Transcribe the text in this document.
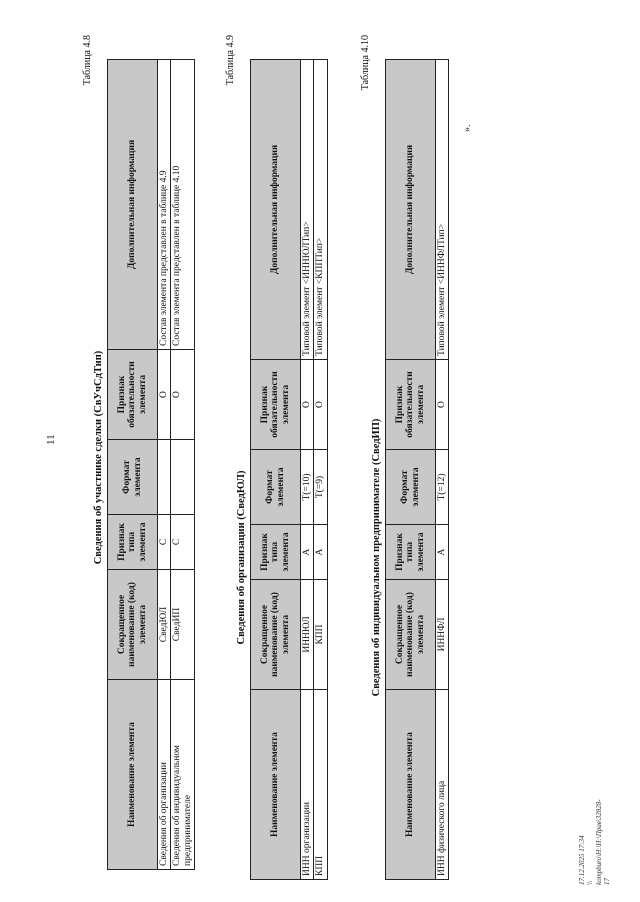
11
Таблица 4.8
Сведения об участнике сделки (СвУчСдТип)
Наименование элемента	Сокращенное наименование (код) элемента	Признак типа элемента	Формат элемента	Признак обязательности элемента	Дополнительная информация
Сведения об организации	СведЮЛ	С		О	Состав элемента представлен в таблице 4.9
Сведения об индивидуальном предпринимателе	СведИП	С		О	Состав элемента представлен в таблице 4.10
Таблица 4.9
Сведения об организации (СведЮЛ)
Наименование элемента	Сокращенное наименование (код) элемента	Признак типа элемента	Формат элемента	Признак обязательности элемента	Дополнительная информация
ИНН организации	ИННЮЛ	А	T(=10)	О	Типовой элемент <ИННЮЛТип>
КПП	КПП	А	T(=9)	О	Типовой элемент <КППТип>
Таблица 4.10
Сведения об индивидуальном предпринимателе (СведИП)
Наименование элемента	Сокращенное наименование (код) элемента	Признак типа элемента	Формат элемента	Признак обязательности элемента	Дополнительная информация
ИНН физического лица	ИННФЛ	А	T(=12)	О	Типовой элемент <ИННФЛТип>
».
17.12.2025 17:34 \\ kompburo\Н:\Н:\Прав\32828-17
